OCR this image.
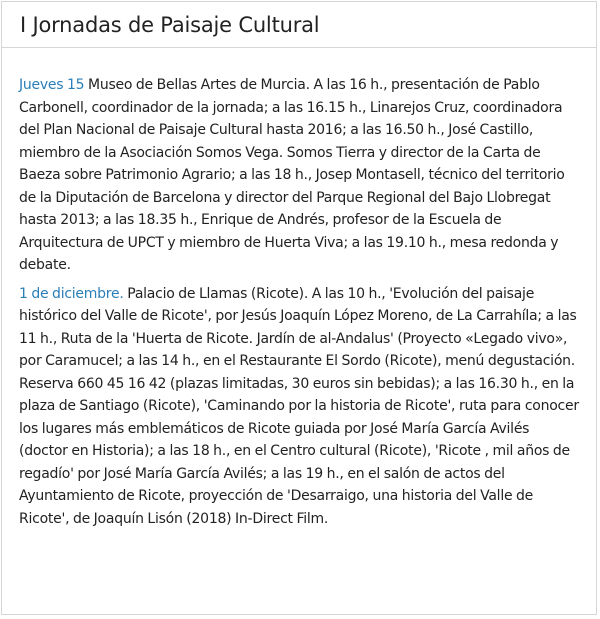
I Jornadas de Paisaje Cultural

Jueves 15 Museo de Bellas Artes de Murcia. A las 16 h., presentación de Pablo Carbonell, coordinador de la jornada; a las 16.15 h., Linarejos Cruz, coordinadora del Plan Nacional de Paisaje Cultural hasta 2016; a las 16.50 h., José Castillo, miembro de la Asociación Somos Vega. Somos Tierra y director de la Carta de Baeza sobre Patrimonio Agrario; a las 18 h., Josep Montasell, técnico del territorio de la Diputación de Barcelona y director del Parque Regional del Bajo Llobregat hasta 2013; a las 18.35 h., Enrique de Andrés, profesor de la Escuela de Arquitectura de UPCT y miembro de Huerta Viva; a las 19.10 h., mesa redonda y debate.

1 de diciembre. Palacio de Llamas (Ricote). A las 10 h., 'Evolución del paisaje histórico del Valle de Ricote', por Jesús Joaquín López Moreno, de La Carrahíla; a las 11 h., Ruta de la 'Huerta de Ricote. Jardín de al-Andalus' (Proyecto «Legado vivo», por Caramucel; a las 14 h., en el Restaurante El Sordo (Ricote), menú degustación. Reserva 660 45 16 42 (plazas limitadas, 30 euros sin bebidas); a las 16.30 h., en la plaza de Santiago (Ricote), 'Caminando por la historia de Ricote', ruta para conocer los lugares más emblemáticos de Ricote guiada por José María García Avilés (doctor en Historia); a las 18 h., en el Centro cultural (Ricote), 'Ricote , mil años de regadío' por José María García Avilés; a las 19 h., en el salón de actos del Ayuntamiento de Ricote, proyección de 'Desarraigo, una historia del Valle de Ricote', de Joaquín Lisón (2018) In-Direct Film.
